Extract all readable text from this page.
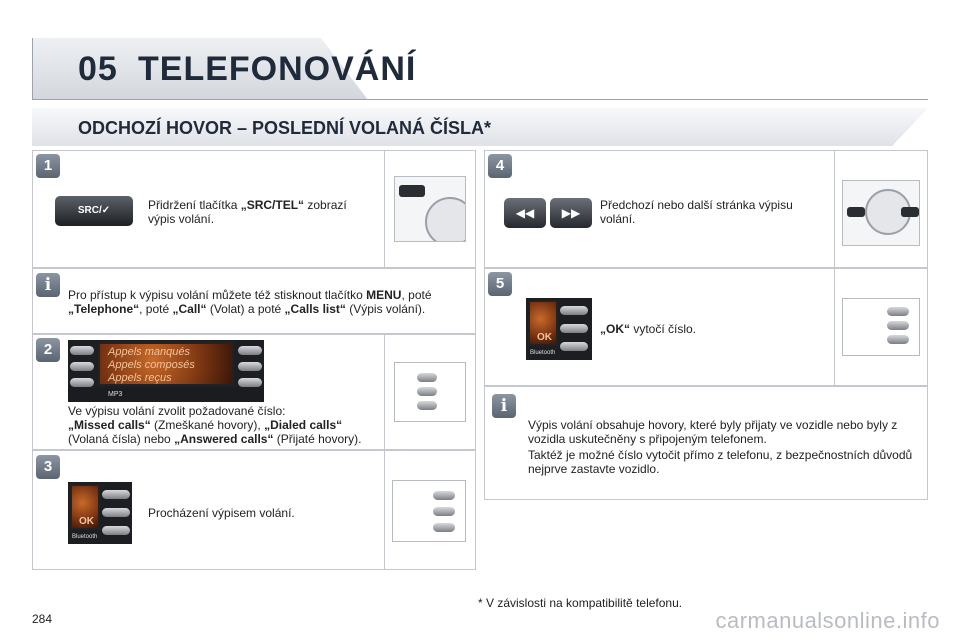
05 TELEFONOVÁNÍ
ODCHOZÍ HOVOR – POSLEDNÍ VOLANÁ ČÍSLA*
1
SRC/✓	Přidržení tlačítka „SRC/TEL“ zobrazí výpis volání.
i	Pro přístup k výpisu volání můžete též stisknout tlačítko MENU, poté
„Telephone“, poté „Call“ (Volat) a poté „Calls list“ (Výpis volání).
2	Appels manqués
Appels composés
Appels reçus
MP3
Ve výpisu volání zvolit požadované číslo:
„Missed calls“ (Zmeškané hovory), „Dialed calls“
(Volaná čísla) nebo „Answered calls“ (Přijaté hovory).
3
OK
Bluetooth
Procházení výpisem volání.
4
◀◀	▶▶
Předchozí nebo další stránka výpisu volání.
5
OK
Bluetooth
„OK“ vytočí číslo.
i
Výpis volání obsahuje hovory, které byly přijaty ve vozidle nebo byly z vozidla uskutečněny s připojeným telefonem.
Taktéž je možné číslo vytočit přímo z telefonu, z bezpečnostních důvodů nejprve zastavte vozidlo.
* V závislosti na kompatibilitě telefonu.
284	carmanualsonline.info
